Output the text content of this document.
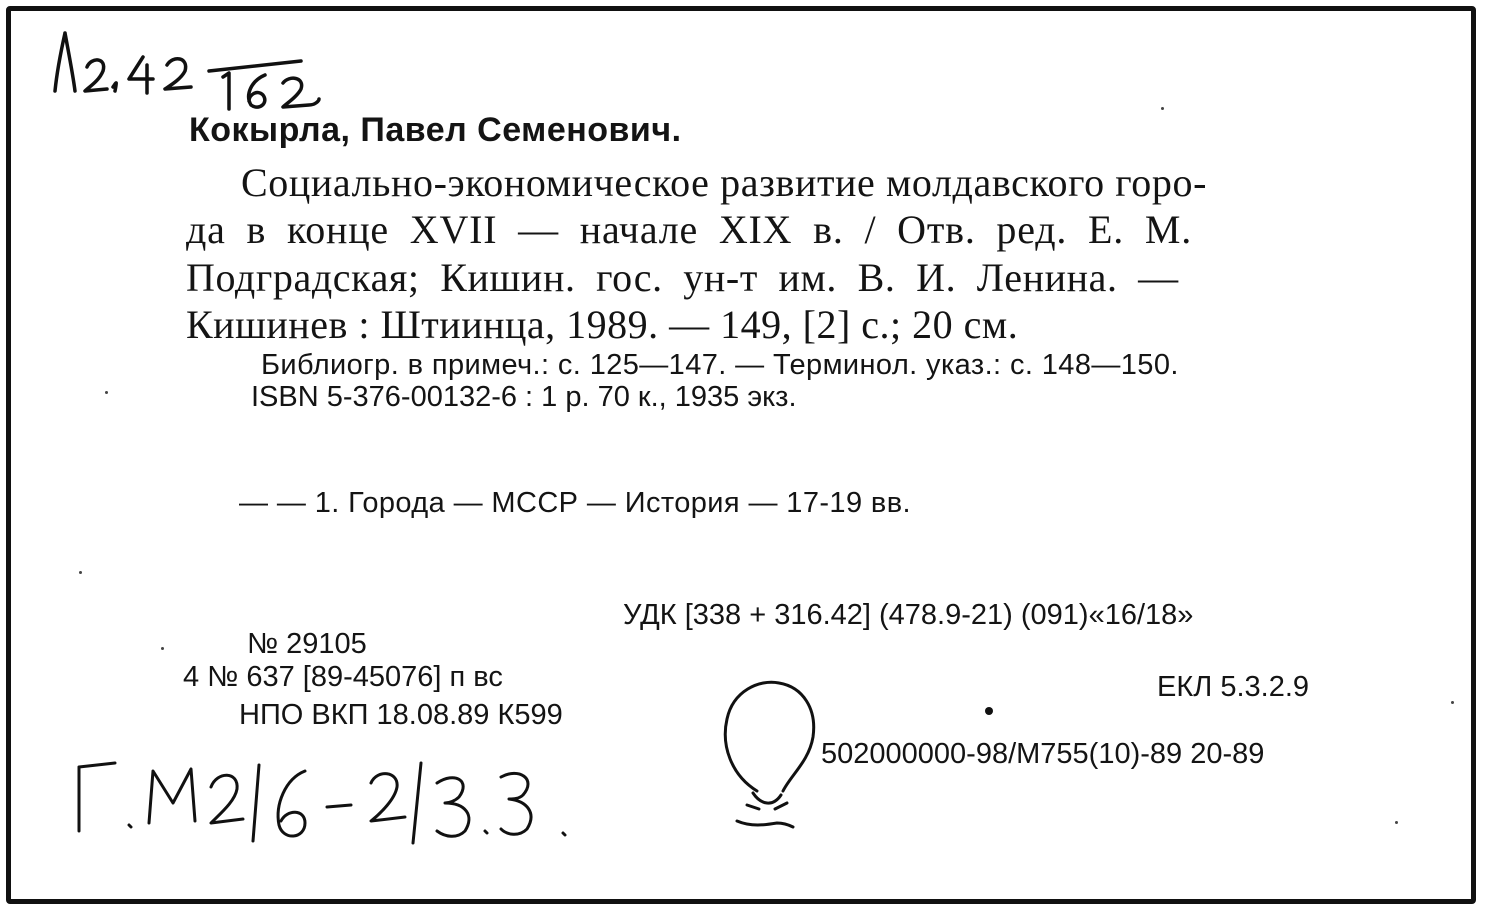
Кокырла, Павел Семенович.
Социально-экономическое развитие молдавского горо-
да в конце XVII — начале XIX в. / Отв. ред. Е. М.
Подградская; Кишин. гос. ун-т им. В. И. Ленина. —
Кишинев : Штиинца, 1989. — 149, [2] с.; 20 см.
Библиогр. в примеч.: с. 125—147. — Терминол. указ.: с. 148—150.
ISBN 5-376-00132-6 : 1 р. 70 к., 1935 экз.
— — 1. Города — МССР — История — 17-19 вв.
УДК [338 + 316.42] (478.9-21) (091)«16/18»
№ 29105
4 № 637 [89-45076] п вс
НПО ВКП 18.08.89 К599
ЕКЛ 5.3.2.9
502000000-98/М755(10)-89 20-89
